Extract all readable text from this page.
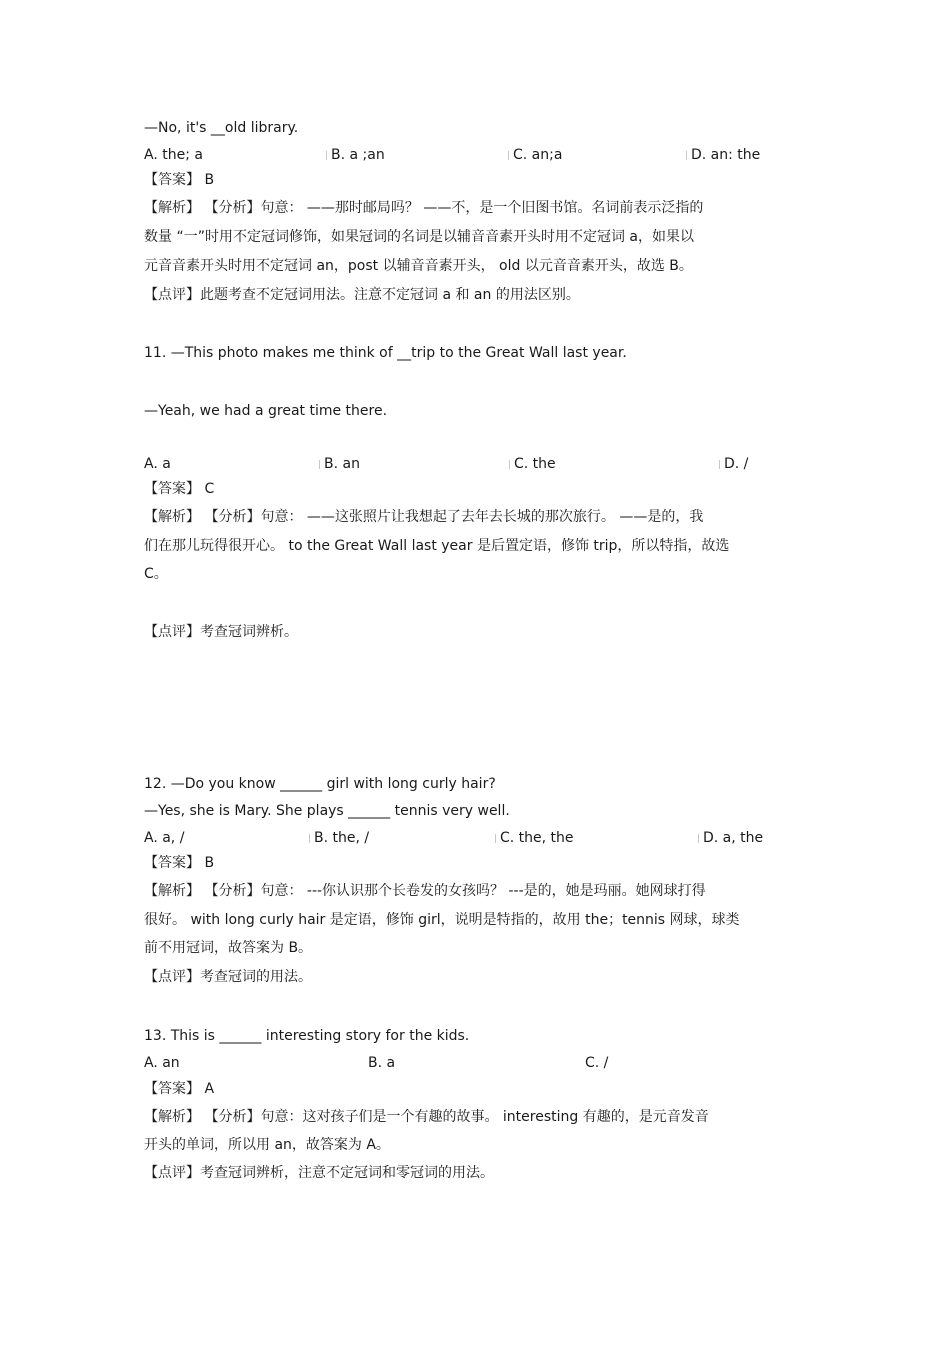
—No, it's __old library.
A. the; a	B. a ;an	C. an;a	D. an: the
【答案】 B
【解析】 【分析】句意： ——那时邮局吗？ ——不，是一个旧图书馆。名词前表示泛指的
数量 “一”时用不定冠词修饰，如果冠词的名词是以辅音音素开头时用不定冠词 a，如果以
元音音素开头时用不定冠词 an，post 以辅音音素开头， old 以元音音素开头，故选 B。
【点评】此题考查不定冠词用法。注意不定冠词 a 和 an 的用法区别。
11. —This photo makes me think of __trip to the Great Wall last year.
—Yeah, we had a great time there.
A. a	B. an	C. the	D. /
【答案】 C
【解析】 【分析】句意： ——这张照片让我想起了去年去长城的那次旅行。 ——是的，我
们在那儿玩得很开心。 to the Great Wall last year 是后置定语，修饰 trip，所以特指，故选
C。
【点评】考查冠词辨析。
12. —Do you know ______ girl with long curly hair?
—Yes, she is Mary. She plays ______ tennis very well.
A. a, /	B. the, /	C. the, the	D. a, the
【答案】 B
【解析】 【分析】句意： ---你认识那个长卷发的女孩吗？ ---是的，她是玛丽。她网球打得
很好。 with long curly hair 是定语，修饰 girl，说明是特指的，故用 the；tennis 网球，球类
前不用冠词，故答案为 B。
【点评】考查冠词的用法。
13. This is ______ interesting story for the kids.
A. an	B. a	C. /
【答案】 A
【解析】 【分析】句意：这对孩子们是一个有趣的故事。 interesting 有趣的，是元音发音
开头的单词，所以用 an，故答案为 A。
【点评】考查冠词辨析，注意不定冠词和零冠词的用法。
